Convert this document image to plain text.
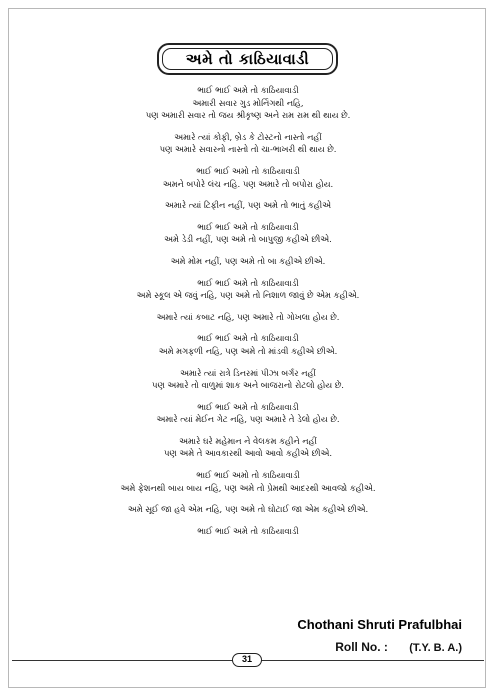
અમે તો કાઠિયાવાડી
ભાઈ ભાઈ અમે તો કાઠિયાવાડી
અમારી સવાર ગુડ મોર્નિંગથી નહિ,
પણ અમારી સવાર તો જય શ્રીકૃષ્ણ અને રામ રામ થી થાય છે.
અમારે ત્યાં કોફી, બ્રેડ કે ટોસ્ટનો નાસ્તો નહીં
પણ અમારે સવારનો નાસ્તો તો ચા-ભાખરી થી થાય છે.
ભાઈ ભાઈ અમો તો કાઠિયાવાડી
અમને બપોરે લંચ નહિ. પણ અમારે તો બપોરા હોય.
અમારે ત્યાં ટિફીન નહીં, પણ અમે તો ભાતું કહીએ
ભાઈ ભાઈ અમે તો કાઠિયાવાડી
અમે ડેડી નહીં, પણ અમે તો બાપુજી કહીએ છીએ.
અમે મોમ નહીં, પણ અમે તો બા કહીએ છીએ.
ભાઈ ભાઈ અમે તો કાઠિયાવાડી
અમે સ્કૂલ એ જવું નહિ, પણ અમે તો નિશાળ જાવું છે એમ કહીએ.
અમારે ત્યાં કબાટ નહિ, પણ અમારે તો ગોખલા હોય છે.
ભાઈ ભાઈ અમે તો કાઠિયાવાડી
અમે મગફળી નહિ, પણ અમે તો માંડવી કહીએ છીએ.
અમારે ત્યાં રાત્રે ડિનરમાં પીઝા બર્ગર નહીં
પણ અમારે તો વાળુમાં શાક અને બાજરાનો રોટલો હોય છે.
ભાઈ ભાઈ અમે તો કાઠિયાવાડી
અમારે ત્યાં મેઈન ગેટ નહિ, પણ અમારે તે ડેલો હોય છે.
અમારે ઘરે મહેમાન ને વેલકમ કહીને નહીં
પણ અમે તે આવકારથી આવો આવો કહીએ છીએ.
ભાઈ ભાઈ અમો તો કાઠિયાવાડી
અમે ફેશનથી બાય બાય નહિ, પણ અમે તો પ્રેમથી આદરથી આવજો કહીએ.
અમે સૂઈ જા હવે એમ નહિ, પણ અમે તો ઘોટાઈ જા એમ કહીએ છીએ.
ભાઈ ભાઈ અમે તો કાઠિયાવાડી
Chothani Shruti Prafulbhai
Roll No. : (T.Y. B. A.)
31
